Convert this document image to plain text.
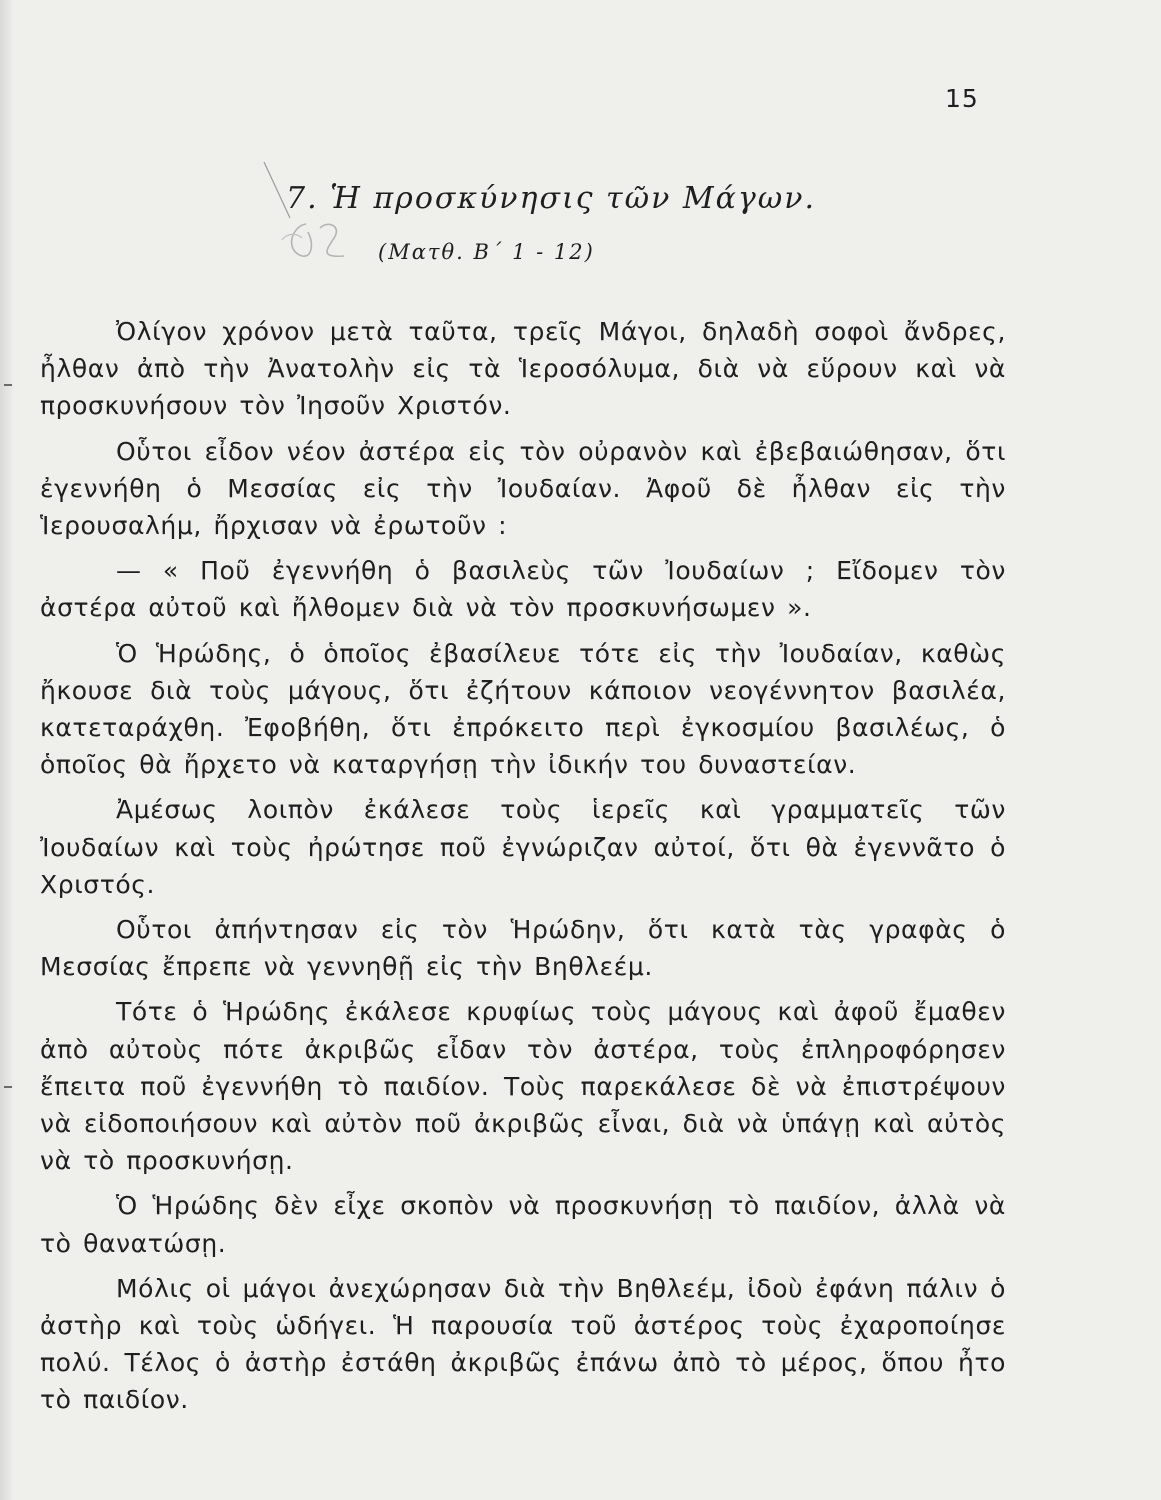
15
7. Ἡ προσκύνησις τῶν Μάγων.
(Ματθ. Β΄ 1 - 12)

Ὀλίγον χρόνον μετὰ ταῦτα, τρεῖς Μάγοι, δηλαδὴ σοφοὶ ἄνδρες, ἦλθαν ἀπὸ τὴν Ἀνατολὴν εἰς τὰ Ἱεροσόλυμα, διὰ νὰ εὕρουν καὶ νὰ προσκυνήσουν τὸν Ἰησοῦν Χριστόν.

Οὗτοι εἶδον νέον ἀστέρα εἰς τὸν οὐρανὸν καὶ ἐβεβαιώθησαν, ὅτι ἐγεννήθη ὁ Μεσσίας εἰς τὴν Ἰουδαίαν. Ἀφοῦ δὲ ἦλθαν εἰς τὴν Ἱερουσαλήμ, ἤρχισαν νὰ ἐρωτοῦν :

— « Ποῦ ἐγεννήθη ὁ βασιλεὺς τῶν Ἰουδαίων ; Εἴδομεν τὸν ἀστέρα αὐτοῦ καὶ ἤλθομεν διὰ νὰ τὸν προσκυνήσωμεν ».

Ὁ Ἡρώδης, ὁ ὁποῖος ἐβασίλευε τότε εἰς τὴν Ἰουδαίαν, καθὼς ἤκουσε διὰ τοὺς μάγους, ὅτι ἐζήτουν κάποιον νεογέννητον βασιλέα, κατεταράχθη. Ἐφοβήθη, ὅτι ἐπρόκειτο περὶ ἐγκοσμίου βασιλέως, ὁ ὁποῖος θὰ ἤρχετο νὰ καταργήσῃ τὴν ἰδικήν του δυναστείαν.

Ἀμέσως λοιπὸν ἐκάλεσε τοὺς ἱερεῖς καὶ γραμματεῖς τῶν Ἰουδαίων καὶ τοὺς ἠρώτησε ποῦ ἐγνώριζαν αὐτοί, ὅτι θὰ ἐγεννᾶτο ὁ Χριστός.

Οὗτοι ἀπήντησαν εἰς τὸν Ἡρώδην, ὅτι κατὰ τὰς γραφὰς ὁ Μεσσίας ἔπρεπε νὰ γεννηθῇ εἰς τὴν Βηθλεέμ.

Τότε ὁ Ἡρώδης ἐκάλεσε κρυφίως τοὺς μάγους καὶ ἀφοῦ ἔμαθεν ἀπὸ αὐτοὺς πότε ἀκριβῶς εἶδαν τὸν ἀστέρα, τοὺς ἐπληροφόρησεν ἔπειτα ποῦ ἐγεννήθη τὸ παιδίον. Τοὺς παρεκάλεσε δὲ νὰ ἐπιστρέψουν νὰ εἰδοποιήσουν καὶ αὐτὸν ποῦ ἀκριβῶς εἶναι, διὰ νὰ ὑπάγῃ καὶ αὐτὸς νὰ τὸ προσκυνήσῃ.

Ὁ Ἡρώδης δὲν εἶχε σκοπὸν νὰ προσκυνήσῃ τὸ παιδίον, ἀλλὰ νὰ τὸ θανατώσῃ.

Μόλις οἱ μάγοι ἀνεχώρησαν διὰ τὴν Βηθλεέμ, ἰδοὺ ἐφάνη πάλιν ὁ ἀστὴρ καὶ τοὺς ὡδήγει. Ἡ παρουσία τοῦ ἀστέρος τοὺς ἐχαροποίησε πολύ. Τέλος ὁ ἀστὴρ ἐστάθη ἀκριβῶς ἐπάνω ἀπὸ τὸ μέρος, ὅπου ἦτο τὸ παιδίον.
